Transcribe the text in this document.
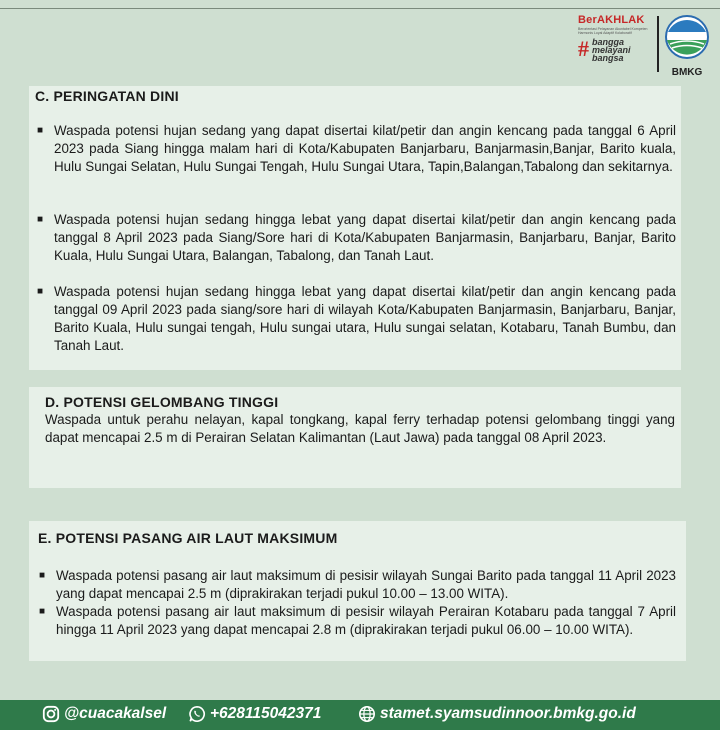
BerAKHLAK
Berorientasi Pelayanan Akuntabel Kompeten Harmonis Loyal Adaptif Kolaboratif
# bangga
melayani
bangsa
BMKG
C. PERINGATAN DINI
■ Waspada potensi hujan sedang yang dapat disertai kilat/petir dan angin kencang pada tanggal 6 April 2023 pada Siang hingga malam hari di Kota/Kabupaten Banjarbaru, Banjarmasin,Banjar, Barito kuala, Hulu Sungai Selatan, Hulu Sungai Tengah, Hulu Sungai Utara, Tapin,Balangan,Tabalong dan sekitarnya.
■ Waspada potensi hujan sedang hingga lebat yang dapat disertai kilat/petir dan angin kencang pada tanggal 8 April 2023 pada Siang/Sore hari di Kota/Kabupaten Banjarmasin, Banjarbaru, Banjar, Barito Kuala, Hulu Sungai Utara, Balangan, Tabalong, dan Tanah Laut.
■ Waspada potensi hujan sedang hingga lebat yang dapat disertai kilat/petir dan angin kencang pada tanggal 09 April 2023 pada siang/sore hari di wilayah Kota/Kabupaten Banjarmasin, Banjarbaru, Banjar, Barito Kuala, Hulu sungai tengah, Hulu sungai utara, Hulu sungai selatan, Kotabaru, Tanah Bumbu, dan Tanah Laut.
D. POTENSI GELOMBANG TINGGI
Waspada untuk perahu nelayan, kapal tongkang, kapal ferry terhadap potensi gelombang tinggi yang dapat mencapai 2.5 m di Perairan Selatan Kalimantan (Laut Jawa) pada tanggal 08 April 2023.
E. POTENSI PASANG AIR LAUT MAKSIMUM
■ Waspada potensi pasang air laut maksimum di pesisir wilayah Sungai Barito pada tanggal 11 April 2023 yang dapat mencapai 2.5 m (diprakirakan terjadi pukul 10.00 – 13.00 WITA).
■ Waspada potensi pasang air laut maksimum di pesisir wilayah Perairan Kotabaru pada tanggal 7 April hingga 11 April 2023 yang dapat mencapai 2.8 m (diprakirakan terjadi pukul 06.00 – 10.00 WITA).
@cuacakalsel	+628115042371	stamet.syamsudinnoor.bmkg.go.id
